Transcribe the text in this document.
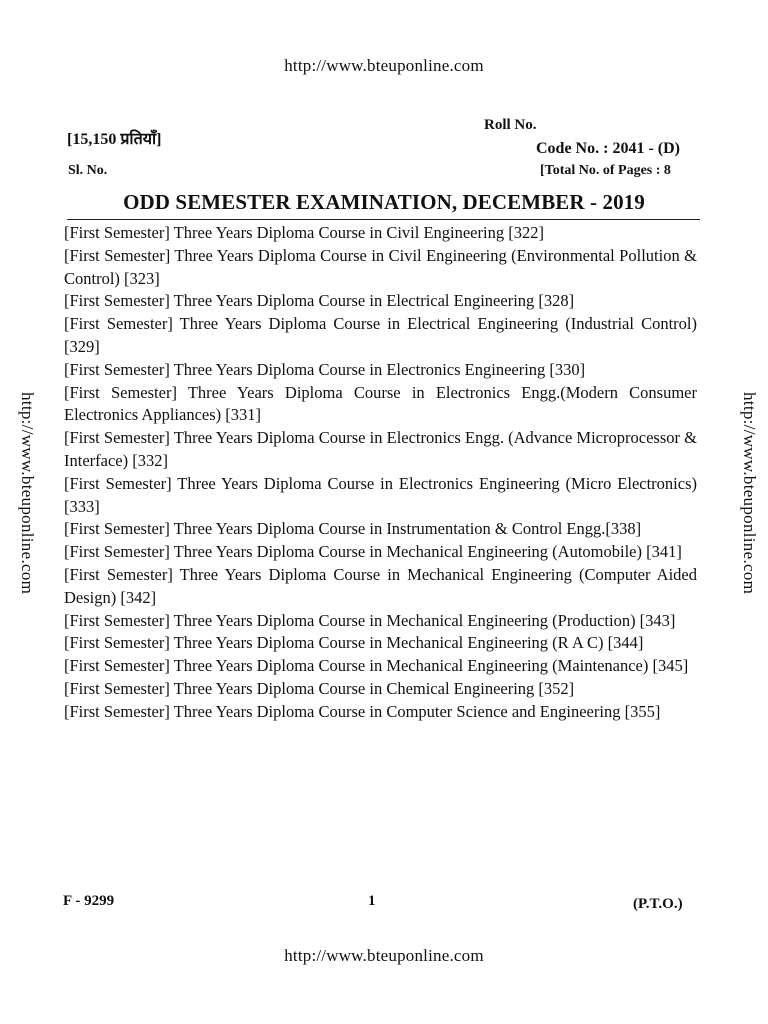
http://www.bteuponline.com
http://www.bteuponline.com	http://www.bteuponline.com
[15,150 प्रतियाँ]
Sl. No.
Roll No.
Code No. : 2041 - (D)
[Total No. of Pages : 8
ODD SEMESTER EXAMINATION, DECEMBER - 2019
[First Semester] Three Years Diploma Course in Civil Engineering [322]
[First Semester] Three Years Diploma Course in Civil Engineering (Environmental Pollution & Control) [323]
[First Semester] Three Years Diploma Course in Electrical Engineering [328]
[First Semester] Three Years Diploma Course in Electrical Engineering (Industrial Control) [329]
[First Semester] Three Years Diploma Course in Electronics Engineering [330]
[First Semester] Three Years Diploma Course in Electronics Engg.(Modern Consumer Electronics Appliances) [331]
[First Semester] Three Years Diploma Course in Electronics Engg. (Advance Microprocessor & Interface) [332]
[First Semester] Three Years Diploma Course in Electronics Engineering (Micro Electronics) [333]
[First Semester] Three Years Diploma Course in Instrumentation & Control Engg.[338]
[First Semester] Three Years Diploma Course in Mechanical Engineering (Automobile) [341]
[First Semester] Three Years Diploma Course in Mechanical Engineering (Computer Aided Design) [342]
[First Semester] Three Years Diploma Course in Mechanical Engineering (Production) [343]
[First Semester] Three Years Diploma Course in Mechanical Engineering (R A C) [344]
[First Semester] Three Years Diploma Course in Mechanical Engineering (Maintenance) [345]
[First Semester] Three Years Diploma Course in Chemical Engineering [352]
[First Semester] Three Years Diploma Course in Computer Science and Engineering [355]
F - 9299	1	(P.T.O.)
http://www.bteuponline.com
